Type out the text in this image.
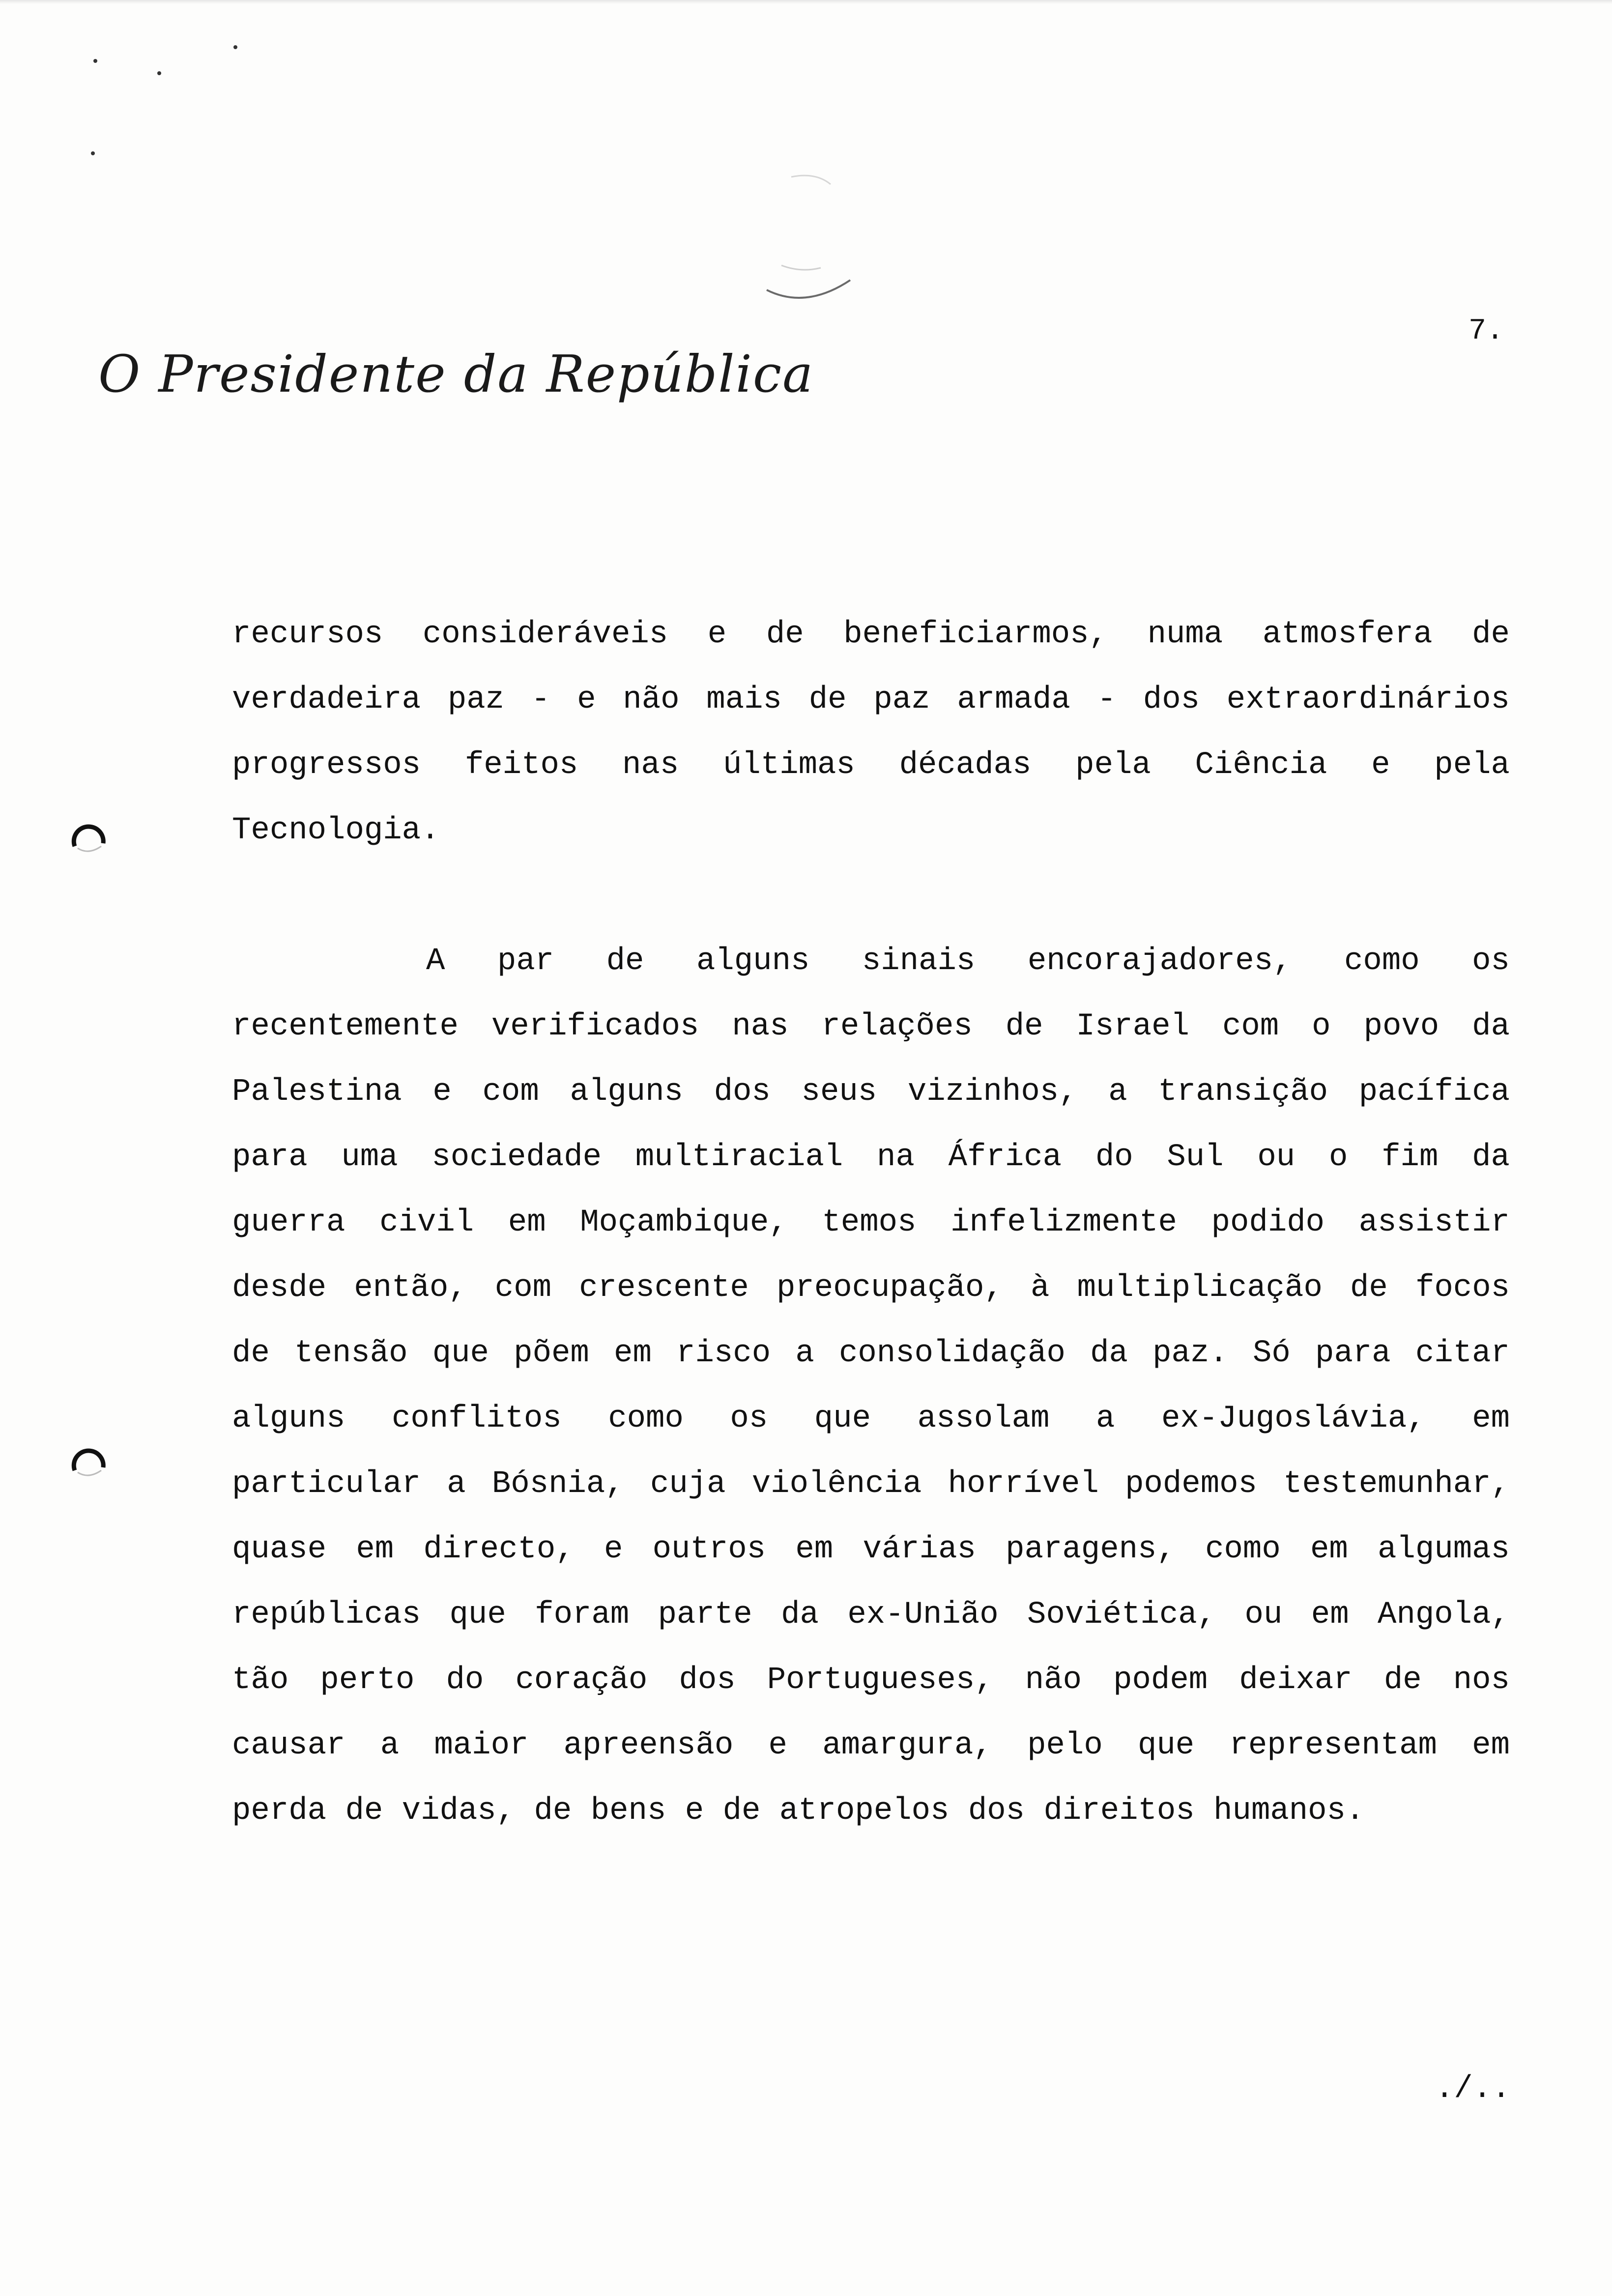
O Presidente da República
7.
recursos consideráveis e de beneficiarmos, numa atmosfera de
verdadeira paz - e não mais de paz armada - dos extraordinários
progressos feitos nas últimas décadas pela Ciência e pela
Tecnologia.
A par de alguns sinais encorajadores, como os
recentemente verificados nas relações de Israel com o povo da
Palestina e com alguns dos seus vizinhos, a transição pacífica
para uma sociedade multiracial na África do Sul ou o fim da
guerra civil em Moçambique, temos infelizmente podido assistir
desde então, com crescente preocupação, à multiplicação de focos
de tensão que põem em risco a consolidação da paz. Só para citar
alguns conflitos como os que assolam a ex-Jugoslávia, em
particular a Bósnia, cuja violência horrível podemos testemunhar,
quase em directo, e outros em várias paragens, como em algumas
repúblicas que foram parte da ex-União Soviética, ou em Angola,
tão perto do coração dos Portugueses, não podem deixar de nos
causar a maior apreensão e amargura, pelo que representam em
perda de vidas, de bens e de atropelos dos direitos humanos.
./..
